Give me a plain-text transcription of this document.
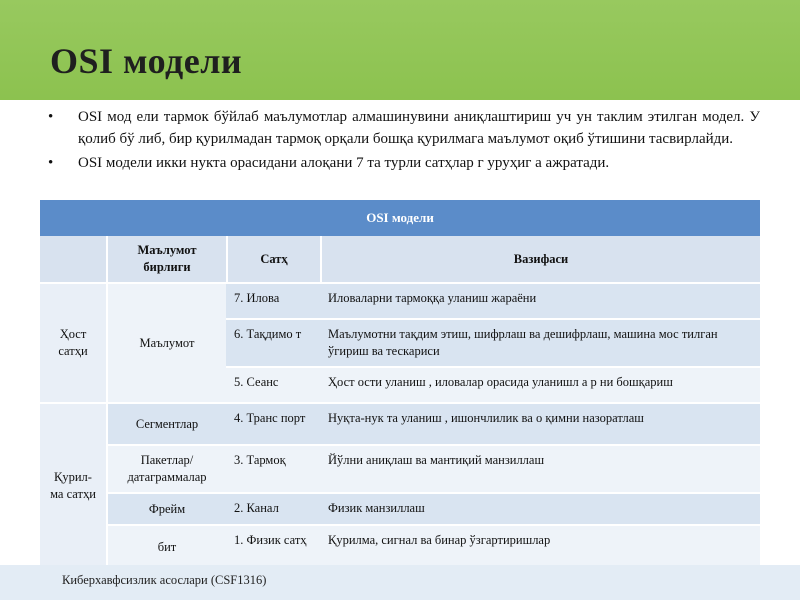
OSI модели
• OSI мод ели тармок бўйлаб маълумотлар алмашинувини аниқлаштириш уч ун таклим этилган модел. У қолиб бў либ, бир қурилмадан тармоқ орқали бошқа қурилмага маълумот оқиб ўтишини тасвирлайди.
• OSI модели икки нукта орасидани алоқани 7 та турли сатҳлар г уруҳиг а ажратади.
OSI модели			
	Маълумот бирлиги	Сатҳ	Вазифаси
Ҳост сатҳи	Маълумот	7. Илова	Иловаларни тармоққа уланиш жараёни
		6. Тақдимо т	Маълумотни тақдим этиш, шифрлаш ва дешифрлаш, машина мос тилган ўгириш ва тескариси
		5. Сеанс	Ҳост ости уланиш , иловалар орасида уланишл а р ни бошқариш
Қурил-ма сатҳи	Сегментлар	4. Транс порт	Нуқта-нук та уланиш , ишончлилик ва о қимни назоратлаш
	Пакетлар/ датаграммалар	3. Тармоқ	Йўлни аниқлаш ва мантиқий манзиллаш
	Фрейм	2. Канал	Физик манзиллаш
	бит	1. Физик сатҳ	Қурилма, сигнал ва бинар ўзгартиришлар
Киберхавфсизлик асослари (CSF1316)
